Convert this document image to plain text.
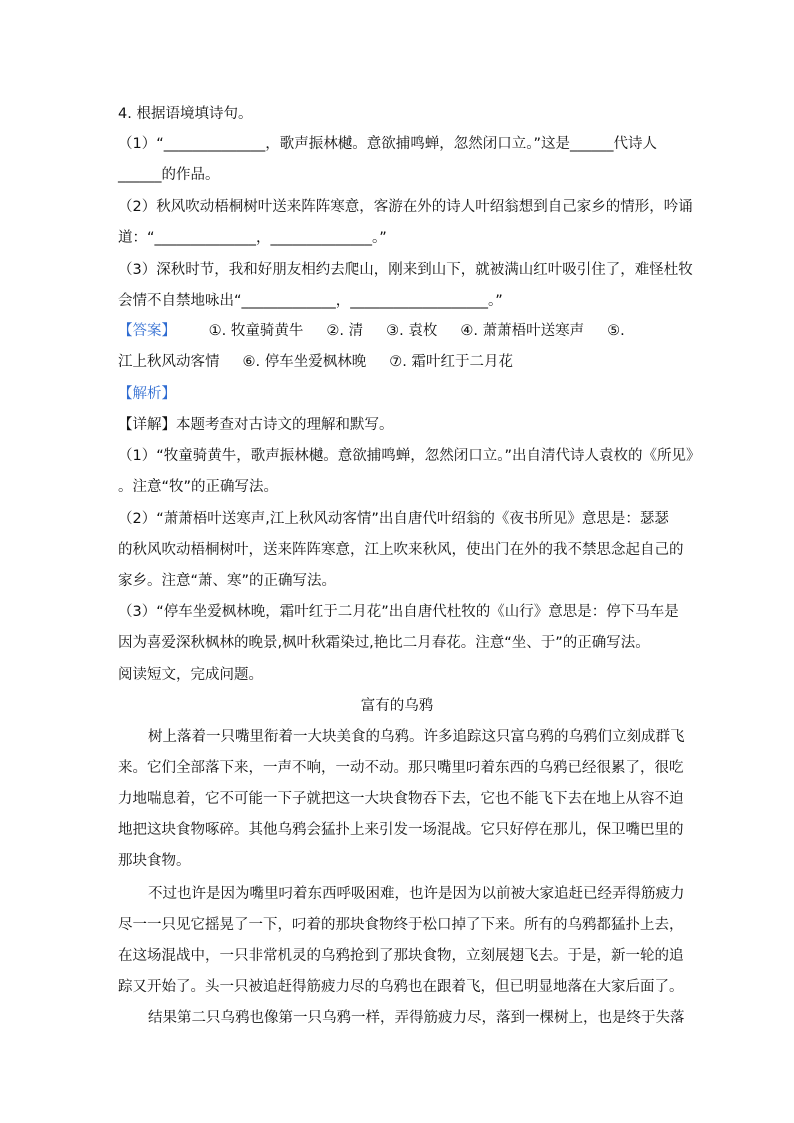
4. 根据语境填诗句。
（1）“______________，歌声振林樾。意欲捕鸣蝉，忽然闭口立。”这是______代诗人
______的作品。
（2）秋风吹动梧桐树叶送来阵阵寒意，客游在外的诗人叶绍翁想到自己家乡的情形，吟诵
道：“______________，______________。”
（3）深秋时节，我和好朋友相约去爬山，刚来到山下，就被满山红叶吸引住了，难怪杜牧
会情不自禁地咏出“_____________，___________________。”
【答案】 ①. 牧童骑黄牛     ②. 清     ③. 袁枚     ④. 萧萧梧叶送寒声     ⑤.
江上秋风动客情     ⑥. 停车坐爱枫林晚     ⑦. 霜叶红于二月花
【解析】
【详解】本题考查对古诗文的理解和默写。
（1）“牧童骑黄牛，歌声振林樾。意欲捕鸣蝉，忽然闭口立。”出自清代诗人袁枚的《所见》
。注意“牧”的正确写法。
（2）“萧萧梧叶送寒声,江上秋风动客情”出自唐代叶绍翁的《夜书所见》意思是：瑟瑟
的秋风吹动梧桐树叶，送来阵阵寒意，江上吹来秋风，使出门在外的我不禁思念起自己的
家乡。注意“萧、寒”的正确写法。
（3）“停车坐爱枫林晚，霜叶红于二月花”出自唐代杜牧的《山行》意思是：停下马车是
因为喜爱深秋枫林的晚景,枫叶秋霜染过,艳比二月春花。注意“坐、于”的正确写法。
阅读短文，完成问题。
富有的乌鸦
树上落着一只嘴里衔着一大块美食的乌鸦。许多追踪这只富乌鸦的乌鸦们立刻成群飞
来。它们全部落下来，一声不响，一动不动。那只嘴里叼着东西的乌鸦已经很累了，很吃
力地喘息着，它不可能一下子就把这一大块食物吞下去，它也不能飞下去在地上从容不迫
地把这块食物啄碎。其他乌鸦会猛扑上来引发一场混战。它只好停在那儿，保卫嘴巴里的
那块食物。
不过也许是因为嘴里叼着东西呼吸困难，也许是因为以前被大家追赶已经弄得筋疲力
尽一一只见它摇晃了一下，叼着的那块食物终于松口掉了下来。所有的乌鸦都猛扑上去，
在这场混战中，一只非常机灵的乌鸦抢到了那块食物，立刻展翅飞去。于是，新一轮的追
踪又开始了。头一只被追赶得筋疲力尽的乌鸦也在跟着飞，但已明显地落在大家后面了。
结果第二只乌鸦也像第一只乌鸦一样，弄得筋疲力尽，落到一棵树上，也是终于失落
